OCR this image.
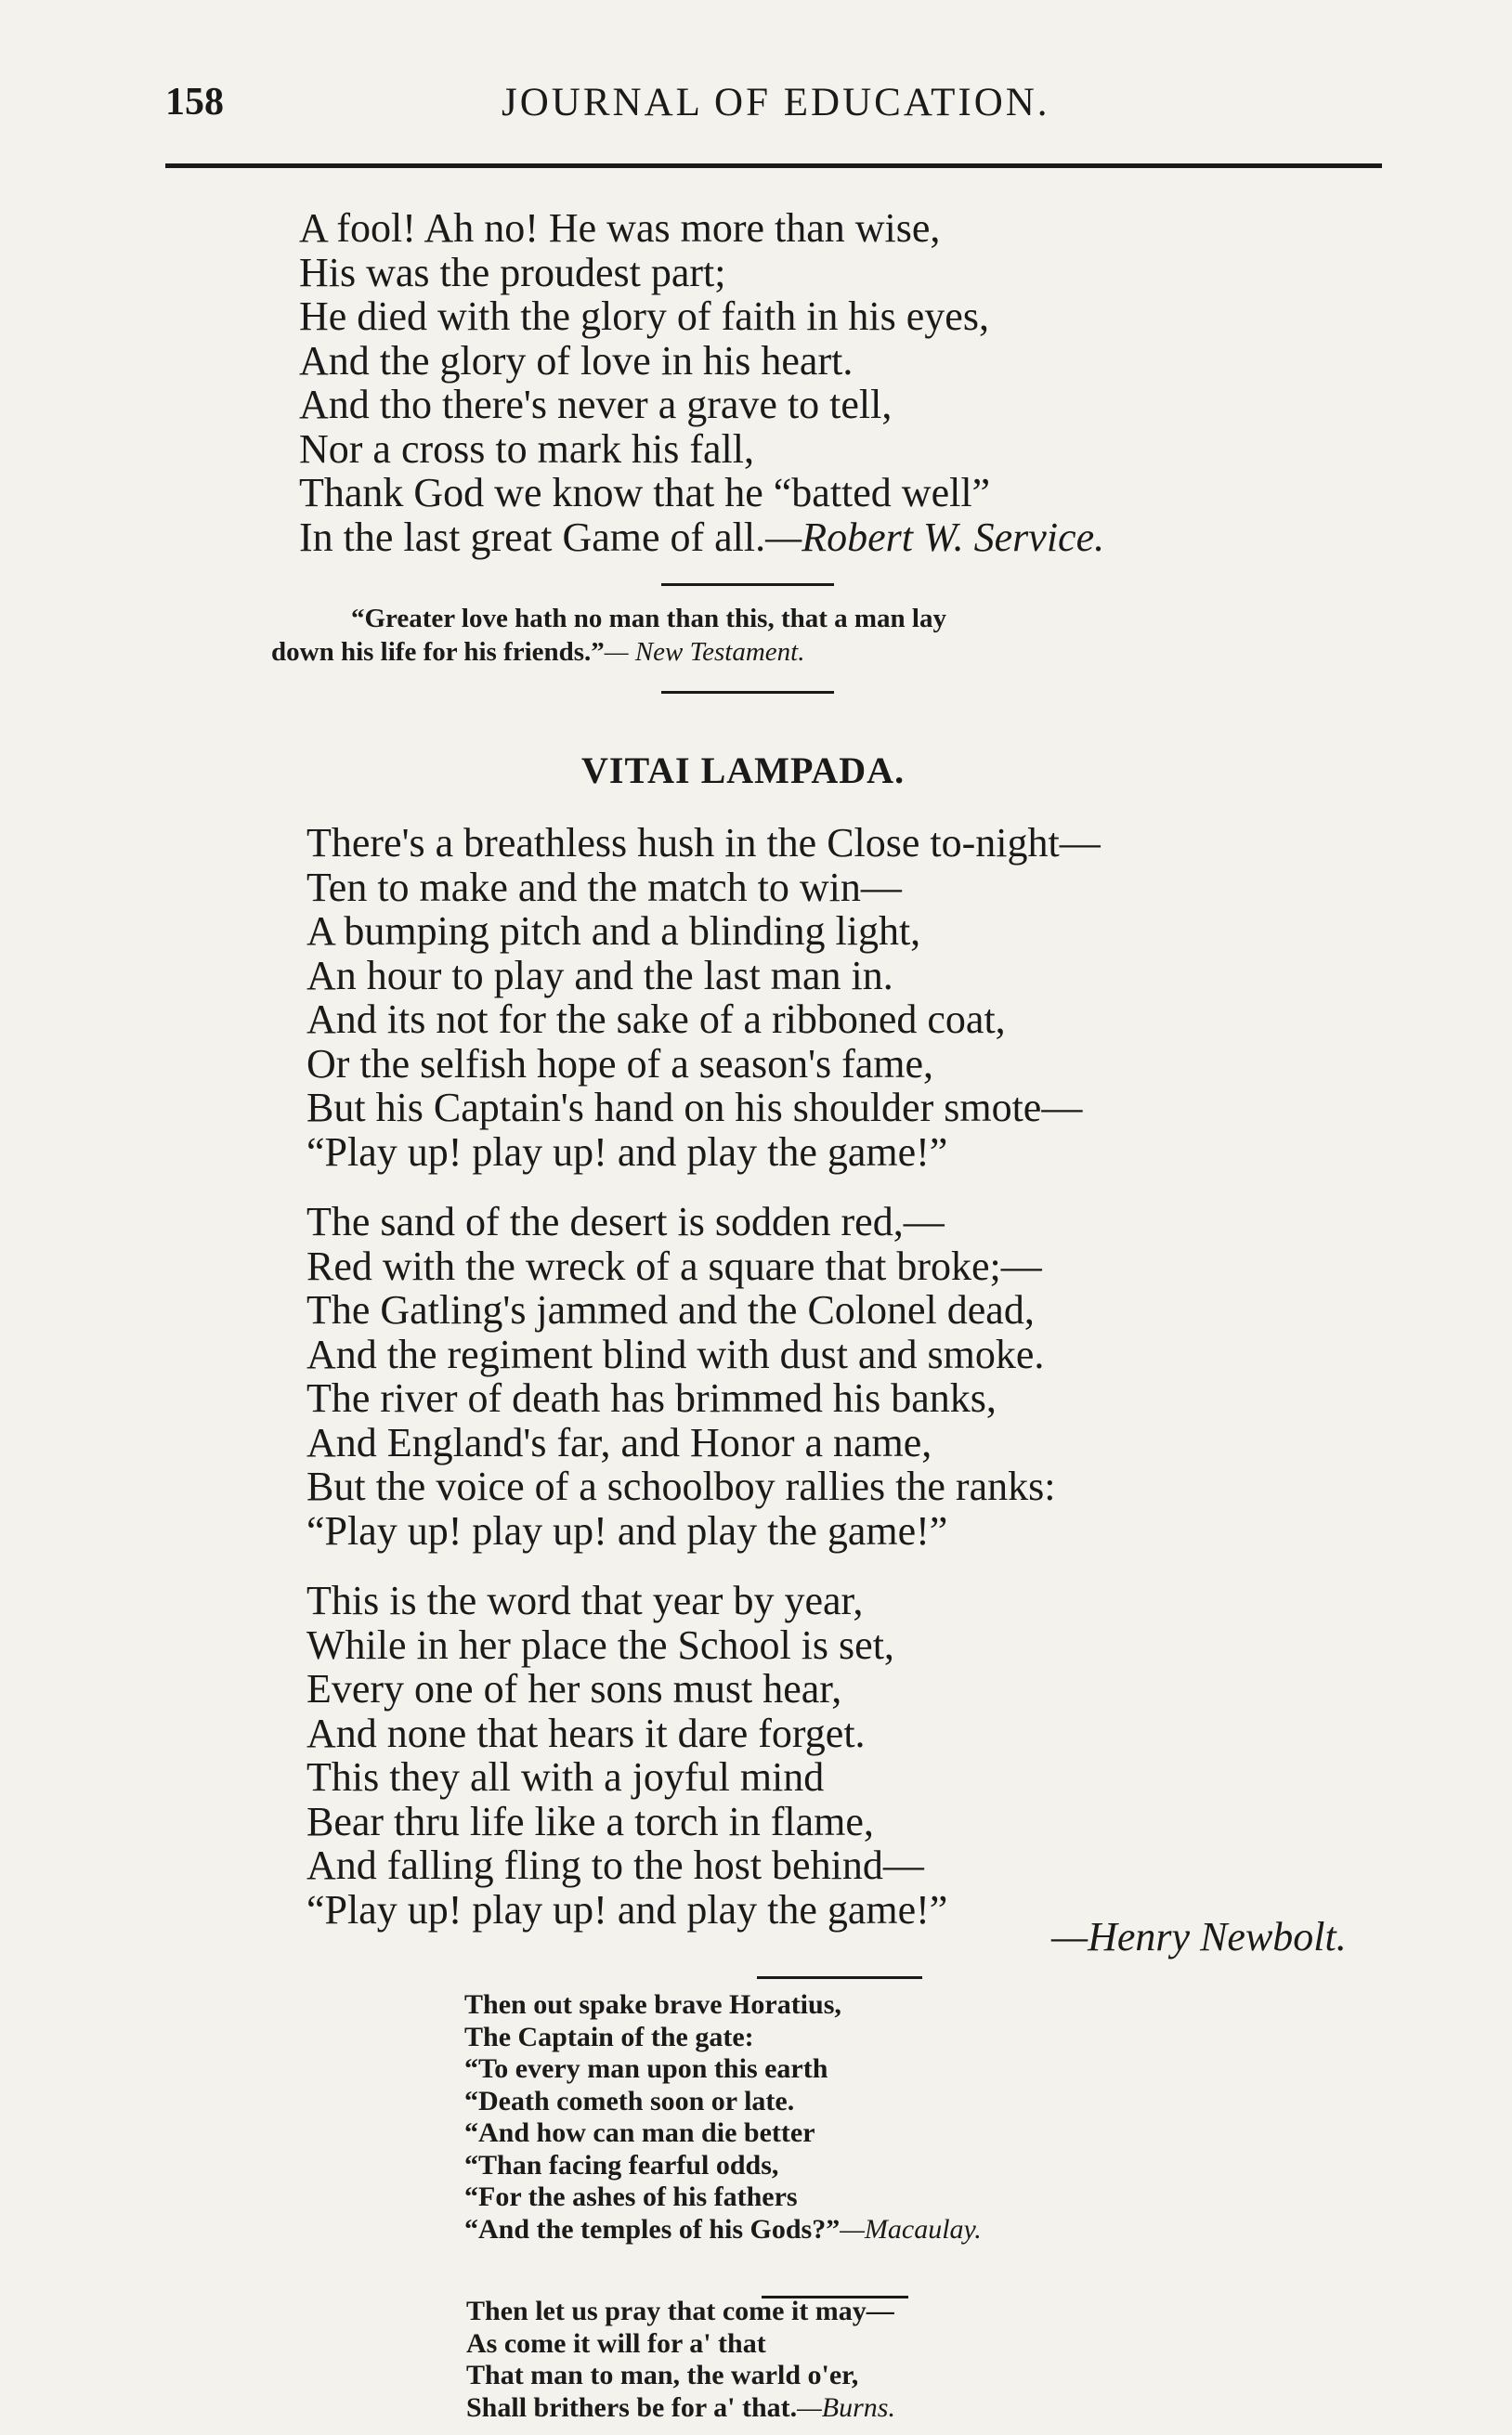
158	JOURNAL OF EDUCATION.
A fool! Ah no! He was more than wise,
His was the proudest part;
He died with the glory of faith in his eyes,
And the glory of love in his heart.
And tho there's never a grave to tell,
Nor a cross to mark his fall,
Thank God we know that he “batted well”
In the last great Game of all.—Robert W. Service.
“Greater love hath no man than this, that a man lay
down his life for his friends.”— New Testament.
VITAI LAMPADA.
There's a breathless hush in the Close to-night—
Ten to make and the match to win—
A bumping pitch and a blinding light,
An hour to play and the last man in.
And its not for the sake of a ribboned coat,
Or the selfish hope of a season's fame,
But his Captain's hand on his shoulder smote—
“Play up! play up! and play the game!”
The sand of the desert is sodden red,—
Red with the wreck of a square that broke;—
The Gatling's jammed and the Colonel dead,
And the regiment blind with dust and smoke.
The river of death has brimmed his banks,
And England's far, and Honor a name,
But the voice of a schoolboy rallies the ranks:
“Play up! play up! and play the game!”
This is the word that year by year,
While in her place the School is set,
Every one of her sons must hear,
And none that hears it dare forget.
This they all with a joyful mind
Bear thru life like a torch in flame,
And falling fling to the host behind—
“Play up! play up! and play the game!”
—Henry Newbolt.
Then out spake brave Horatius,
The Captain of the gate:
“To every man upon this earth
“Death cometh soon or late.
“And how can man die better
“Than facing fearful odds,
“For the ashes of his fathers
“And the temples of his Gods?”—Macaulay.
Then let us pray that come it may—
As come it will for a' that
That man to man, the warld o'er,
Shall brithers be for a' that.—Burns.
